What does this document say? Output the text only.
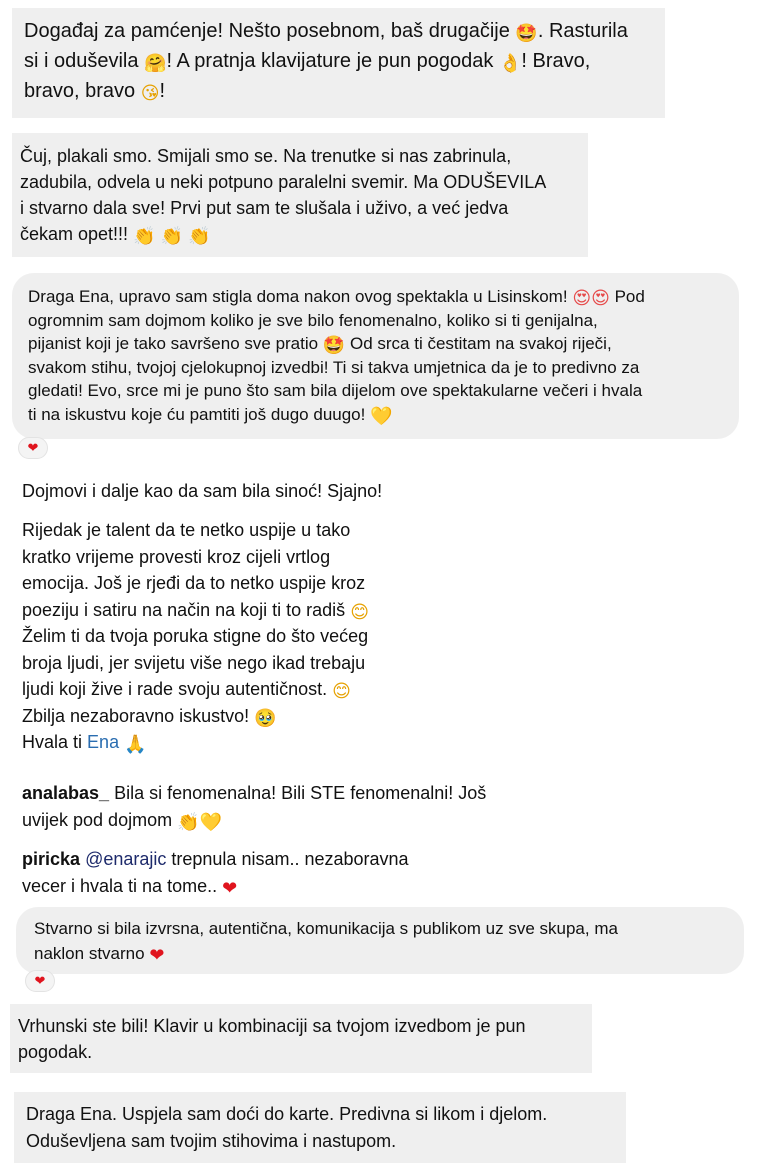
Događaj za pamćenje! Nešto posebnom, baš drugačije 🤩. Rasturila
si i oduševila 🤗! A pratnja klavijature je pun pogodak 👌! Bravo,
bravo, bravo 😘!
Čuj, plakali smo. Smijali smo se. Na trenutke si nas zabrinula,
zadubila, odvela u neki potpuno paralelni svemir. Ma ODUŠEVILA
i stvarno dala sve! Prvi put sam te slušala i uživo, a već jedva
čekam opet!!! 👏 👏 👏
Draga Ena, upravo sam stigla doma nakon ovog spektakla u Lisinskom! 😍😍 Pod
ogromnim sam dojmom koliko je sve bilo fenomenalno, koliko si ti genijalna,
pijanist koji je tako savršeno sve pratio 🤩 Od srca ti čestitam na svakoj riječi,
svakom stihu, tvojoj cjelokupnoj izvedbi! Ti si takva umjetnica da je to predivno za
gledati! Evo, srce mi je puno što sam bila dijelom ove spektakularne večeri i hvala
ti na iskustvu koje ću pamtiti još dugo duugo! 💛
❤
Dojmovi i dalje kao da sam bila sinoć! Sjajno!
Rijedak je talent da te netko uspije u tako
kratko vrijeme provesti kroz cijeli vrtlog
emocija. Još je rjeđi da to netko uspije kroz
poeziju i satiru na način na koji ti to radiš 😊
Želim ti da tvoja poruka stigne do što većeg
broja ljudi, jer svijetu više nego ikad trebaju
ljudi koji žive i rade svoju autentičnost. 😊
Zbilja nezaboravno iskustvo! 🥹
Hvala ti Ena 🙏
analabas_ Bila si fenomenalna! Bili STE fenomenalni! Još
uvijek pod dojmom 👏💛
piricka @enarajic trepnula nisam.. nezaboravna
vecer i hvala ti na tome.. ❤
Stvarno si bila izvrsna, autentična, komunikacija s publikom uz sve skupa, ma
naklon stvarno ❤
❤
Vrhunski ste bili! Klavir u kombinaciji sa tvojom izvedbom je pun
pogodak.
Draga Ena. Uspjela sam doći do karte. Predivna si likom i djelom.
Oduševljena sam tvojim stihovima i nastupom.
